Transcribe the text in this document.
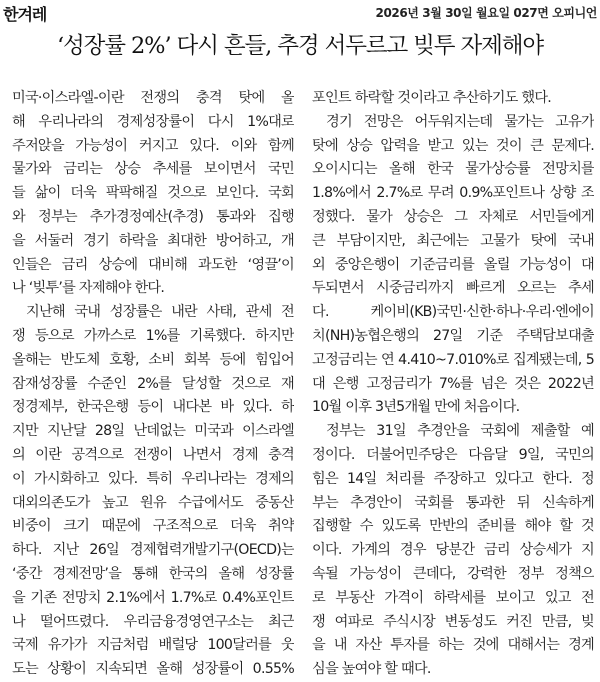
한겨레	2026년 3월 30일 월요일 027면 오피니언
‘성장률 2%’ 다시 흔들, 추경 서두르고 빚투 자제해야
미국·이스라엘-이란 전쟁의 충격 탓에 올
해 우리나라의 경제성장률이 다시 1%대로
주저앉을 가능성이 커지고 있다. 이와 함께
물가와 금리는 상승 추세를 보이면서 국민
들 삶이 더욱 팍팍해질 것으로 보인다. 국회
와 정부는 추가경정예산(추경) 통과와 집행
을 서둘러 경기 하락을 최대한 방어하고, 개
인들은 금리 상승에 대비해 과도한 ‘영끌’이
나 ‘빚투’를 자제해야 한다.
지난해 국내 성장률은 내란 사태, 관세 전
쟁 등으로 가까스로 1%를 기록했다. 하지만
올해는 반도체 호황, 소비 회복 등에 힘입어
잠재성장률 수준인 2%를 달성할 것으로 재
정경제부, 한국은행 등이 내다본 바 있다. 하
지만 지난달 28일 난데없는 미국과 이스라엘
의 이란 공격으로 전쟁이 나면서 경제 충격
이 가시화하고 있다. 특히 우리나라는 경제의
대외의존도가 높고 원유 수급에서도 중동산
비중이 크기 때문에 구조적으로 더욱 취약
하다. 지난 26일 경제협력개발기구(OECD)는
‘중간 경제전망’을 통해 한국의 올해 성장률
을 기존 전망치 2.1%에서 1.7%로 0.4%포인트
나 떨어뜨렸다. 우리금융경영연구소는 최근
국제 유가가 지금처럼 배럴당 100달러를 웃
도는 상황이 지속되면 올해 성장률이 0.55%
포인트 하락할 것이라고 추산하기도 했다.
경기 전망은 어두워지는데 물가는 고유가
탓에 상승 압력을 받고 있는 것이 큰 문제다.
오이시디는 올해 한국 물가상승률 전망치를
1.8%에서 2.7%로 무려 0.9%포인트나 상향 조
정했다. 물가 상승은 그 자체로 서민들에게
큰 부담이지만, 최근에는 고물가 탓에 국내
외 중앙은행이 기준금리를 올릴 가능성이 대
두되면서 시중금리까지 빠르게 오르는 추세
다. 케이비(KB)국민·신한·하나·우리·엔에이
치(NH)농협은행의 27일 기준 주택담보대출
고정금리는 연 4.410~7.010%로 집계됐는데, 5
대 은행 고정금리가 7%를 넘은 것은 2022년
10월 이후 3년5개월 만에 처음이다.
정부는 31일 추경안을 국회에 제출할 예
정이다. 더불어민주당은 다음달 9일, 국민의
힘은 14일 처리를 주장하고 있다고 한다. 정
부는 추경안이 국회를 통과한 뒤 신속하게
집행할 수 있도록 만반의 준비를 해야 할 것
이다. 가계의 경우 당분간 금리 상승세가 지
속될 가능성이 큰데다, 강력한 정부 정책으
로 부동산 가격이 하락세를 보이고 있고 전
쟁 여파로 주식시장 변동성도 커진 만큼, 빚
을 내 자산 투자를 하는 것에 대해서는 경계
심을 높여야 할 때다.
